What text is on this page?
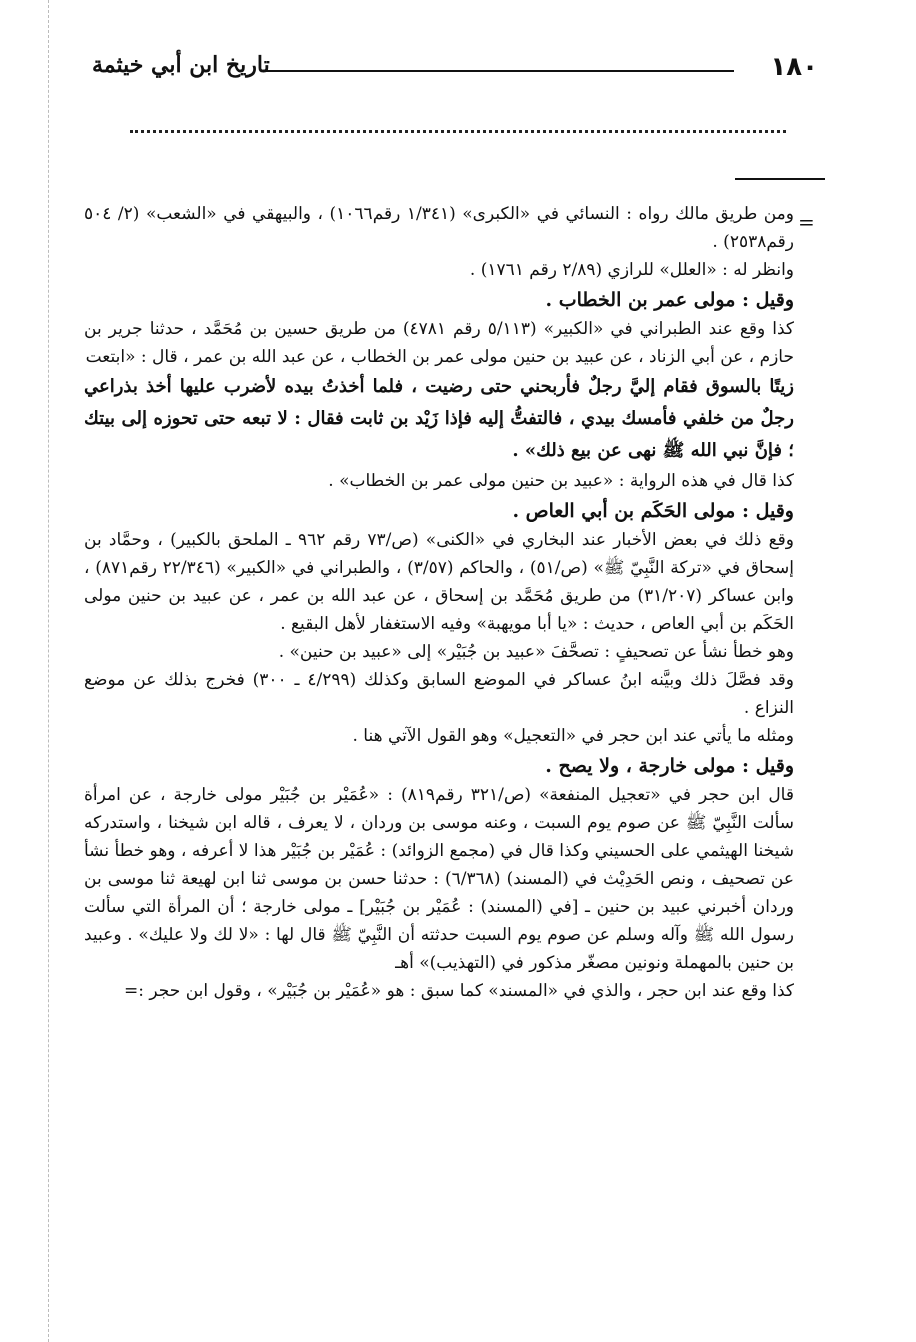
١٨٠
تاريخ ابن أبي خيثمة
=

ومن طريق مالك رواه : النسائي في «الكبرى» (١/٣٤١ رقم١٠٦٦) ، والبيهقي في «الشعب» (٢/ ٥٠٤ رقم٢٥٣٨) .

وانظر له : «العلل» للرازي (٢/٨٩ رقم ١٧٦١) .

وقيل : مولى عمر بن الخطاب .

كذا وقع عند الطبراني في «الكبير» (٥/١١٣ رقم ٤٧٨١) من طريق حسين بن مُحَمَّد ، حدثنا جرير بن حازم ، عن أبي الزناد ، عن عبيد بن حنين مولى عمر بن الخطاب ، عن عبد الله بن عمر ، قال : «ابتعت

زيتًا بالسوق فقام إليَّ رجلٌ فأربحني حتى رضيت ، فلما أخذتُ بيده لأضرب عليها أخذ بذراعي رجلٌ من خلفي فأمسك بيدي ، فالتفتُّ إليه فإذا زَيْد بن ثابت فقال : لا تبعه حتى تحوزه إلى بيتك ؛ فإنَّ نبي الله ﷺ نهى عن بيع ذلك» .

كذا قال في هذه الرواية : «عبيد بن حنين مولى عمر بن الخطاب» .

وقيل : مولى الحَكَم بن أبي العاص .

وقع ذلك في بعض الأخبار عند البخاري في «الكنى» (ص/٧٣ رقم ٩٦٢ ـ الملحق بالكبير) ، وحمَّاد بن إسحاق في «تركة النَّبِيّ ﷺ» (ص/٥١) ، والحاكم (٣/٥٧) ، والطبراني في «الكبير» (٢٢/٣٤٦ رقم٨٧١) ، وابن عساكر (٣١/٢٠٧) من طريق مُحَمَّد بن إسحاق ، عن عبد الله بن عمر ، عن عبيد بن حنين مولى الحَكَم بن أبي العاص ، حديث : «يا أبا مويهبة» وفيه الاستغفار لأهل البقيع .

وهو خطأ نشأ عن تصحيفٍ : تصحَّفَ «عبيد بن جُبَيْر» إلى «عبيد بن حنين» .

وقد فصَّلَ ذلك وبيَّنه ابنُ عساكر في الموضع السابق وكذلك (٤/٢٩٩ ـ ٣٠٠) فخرج بذلك عن موضع النزاع .

ومثله ما يأتي عند ابن حجر في «التعجيل» وهو القول الآتي هنا .

وقيل : مولى خارجة ، ولا يصح .

قال ابن حجر في «تعجيل المنفعة» (ص/٣٢١ رقم٨١٩) : «عُمَيْر بن جُبَيْر مولى خارجة ، عن امرأة سألت النَّبِيّ ﷺ عن صوم يوم السبت ، وعنه موسى بن وردان ، لا يعرف ، قاله ابن شيخنا ، واستدركه شيخنا الهيثمي على الحسيني وكذا قال في (مجمع الزوائد) : عُمَيْر بن جُبَيْر هذا لا أعرفه ، وهو خطأ نشأ عن تصحيف ، ونص الحَدِيْث في (المسند) (٦/٣٦٨) : حدثنا حسن بن موسى ثنا ابن لهيعة ثنا موسى بن وردان أخبرني عبيد بن حنين ـ [في (المسند) : عُمَيْر بن جُبَيْر] ـ مولى خارجة ؛ أن المرأة التي سألت رسول الله ﷺ وآله وسلم عن صوم يوم السبت حدثته أن النَّبِيّ ﷺ قال لها : «لا لك ولا عليك» . وعبيد بن حنين بالمهملة ونونين مصغّر مذكور في (التهذيب)» أهـ

كذا وقع عند ابن حجر ، والذي في «المسند» كما سبق : هو «عُمَيْر بن جُبَيْر» ، وقول ابن حجر :=
